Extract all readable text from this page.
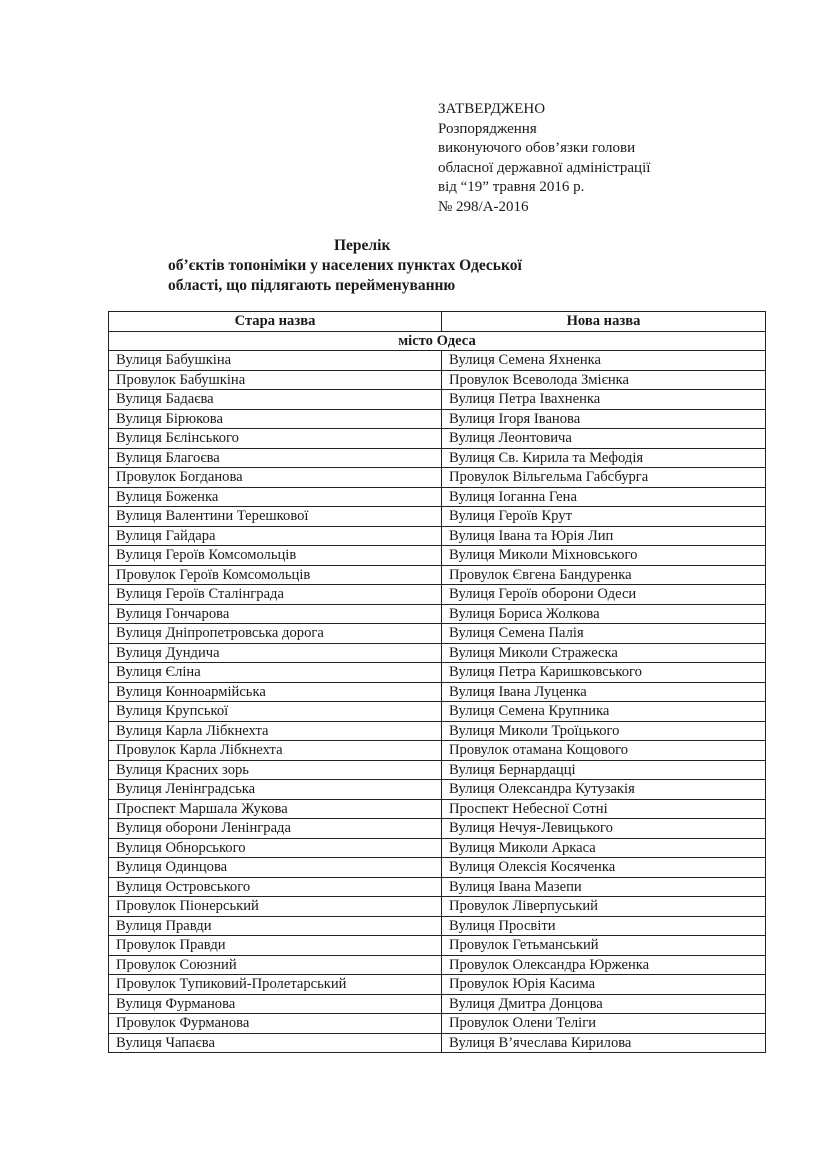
ЗАТВЕРДЖЕНО
Розпорядження
виконуючого обов’язки голови
обласної державної адміністрації
від “19” травня 2016 р.
№ 298/А-2016
Перелік
об’єктів топоніміки у населених пунктах Одеської
області, що підлягають перейменуванню
Стара назва	Нова назва
місто Одеса	
Вулиця Бабушкіна	Вулиця Семена Яхненка
Провулок Бабушкіна	Провулок Всеволода Змієнка
Вулиця Бадаєва	Вулиця Петра Івахненка
Вулиця Бірюкова	Вулиця Ігоря Іванова
Вулиця Бєлінського	Вулиця Леонтовича
Вулиця Благоєва	Вулиця Св. Кирила та Мефодія
Провулок Богданова	Провулок Вільгельма Габсбурга
Вулиця Боженка	Вулиця Іоганна Гена
Вулиця Валентини Терешкової	Вулиця Героїв Крут
Вулиця Гайдара	Вулиця Івана та Юрія Лип
Вулиця Героїв Комсомольців	Вулиця Миколи Міхновського
Провулок Героїв Комсомольців	Провулок Євгена Бандуренка
Вулиця Героїв Сталінграда	Вулиця Героїв оборони Одеси
Вулиця Гончарова	Вулиця Бориса Жолкова
Вулиця Дніпропетровська дорога	Вулиця Семена Палія
Вулиця Дундича	Вулиця Миколи Стражеска
Вулиця Єліна	Вулиця Петра Каришковського
Вулиця Конноармійська	Вулиця Івана Луценка
Вулиця Крупської	Вулиця Семена Крупника
Вулиця Карла Лібкнехта	Вулиця Миколи Троїцького
Провулок Карла Лібкнехта	Провулок отамана Кощового
Вулиця Красних зорь	Вулиця Бернардацці
Вулиця Ленінградська	Вулиця Олександра Кутузакія
Проспект Маршала Жукова	Проспект Небесної Сотні
Вулиця оборони Ленінграда	Вулиця Нечуя-Левицького
Вулиця Обнорського	Вулиця Миколи Аркаса
Вулиця Одинцова	Вулиця Олексія Косяченка
Вулиця Островського	Вулиця Івана Мазепи
Провулок Піонерський	Провулок Ліверпуський
Вулиця Правди	Вулиця Просвіти
Провулок Правди	Провулок Гетьманський
Провулок Союзний	Провулок Олександра Юрженка
Провулок Тупиковий-Пролетарський	Провулок Юрія Касима
Вулиця Фурманова	Вулиця Дмитра Донцова
Провулок Фурманова	Провулок Олени Теліги
Вулиця Чапаєва	Вулиця В’ячеслава Кирилова
